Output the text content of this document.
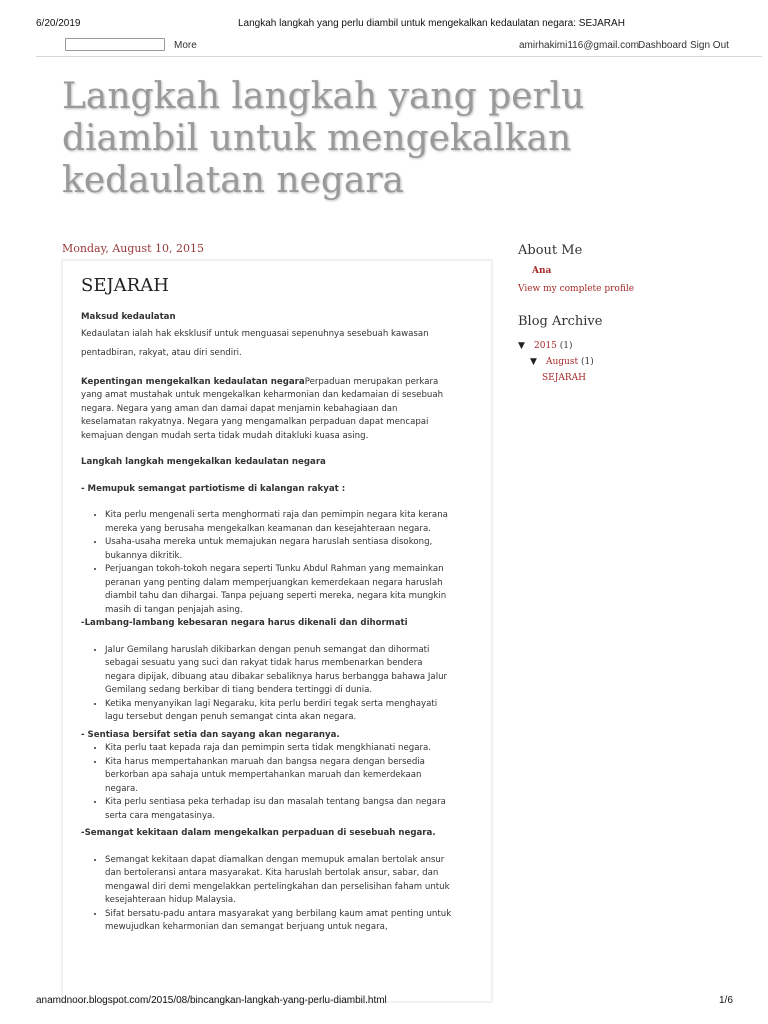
6/20/2019	Langkah langkah yang perlu diambil untuk mengekalkan kedaulatan negara: SEJARAH
More	amirhakimi116@gmail.com Dashboard Sign Out
Langkah langkah yang perlu diambil untuk mengekalkan kedaulatan negara
Monday, August 10, 2015
SEJARAH

Maksud kedaulatan

Kedaulatan ialah hak eksklusif untuk menguasai sepenuhnya sesebuah kawasan pentadbiran, rakyat, atau diri sendiri.

Kepentingan mengekalkan kedaulatan negaraPerpaduan merupakan perkara yang amat mustahak untuk mengekalkan keharmonian dan kedamaian di sesebuah negara. Negara yang aman dan damai dapat menjamin kebahagiaan dan keselamatan rakyatnya. Negara yang mengamalkan perpaduan dapat mencapai kemajuan dengan mudah serta tidak mudah ditakluki kuasa asing.

Langkah langkah mengekalkan kedaulatan negara

- Memupuk semangat partiotisme di kalangan rakyat :

• Kita perlu mengenali serta menghormati raja dan pemimpin negara kita kerana mereka yang berusaha mengekalkan keamanan dan kesejahteraan negara.
• Usaha-usaha mereka untuk memajukan negara haruslah sentiasa disokong, bukannya dikritik.
• Perjuangan tokoh-tokoh negara seperti Tunku Abdul Rahman yang memainkan peranan yang penting dalam memperjuangkan kemerdekaan negara haruslah diambil tahu dan dihargai. Tanpa pejuang seperti mereka, negara kita mungkin masih di tangan penjajah asing.

-Lambang-lambang kebesaran negara harus dikenali dan dihormati

• Jalur Gemilang haruslah dikibarkan dengan penuh semangat dan dihormati sebagai sesuatu yang suci dan rakyat tidak harus membenarkan bendera negara dipijak, dibuang atau dibakar sebaliknya harus berbangga bahawa Jalur Gemilang sedang berkibar di tiang bendera tertinggi di dunia.
• Ketika menyanyikan lagi Negaraku, kita perlu berdiri tegak serta menghayati lagu tersebut dengan penuh semangat cinta akan negara.

- Sentiasa bersifat setia dan sayang akan negaranya.

• Kita perlu taat kepada raja dan pemimpin serta tidak mengkhianati negara.
• Kita harus mempertahankan maruah dan bangsa negara dengan bersedia berkorban apa sahaja untuk mempertahankan maruah dan kemerdekaan negara.
• Kita perlu sentiasa peka terhadap isu dan masalah tentang bangsa dan negara serta cara mengatasinya.

-Semangat kekitaan dalam mengekalkan perpaduan di sesebuah negara.

• Semangat kekitaan dapat diamalkan dengan memupuk amalan bertolak ansur dan bertoleransi antara masyarakat. Kita haruslah bertolak ansur, sabar, dan mengawal diri demi mengelakkan pertelingkahan dan perselisihan faham untuk kesejahteraan hidup Malaysia.
• Sifat bersatu-padu antara masyarakat yang berbilang kaum amat penting untuk mewujudkan keharmonian dan semangat berjuang untuk negara,
About Me
Ana
View my complete profile
Blog Archive
▼ 2015 (1)
▼ August (1)
SEJARAH
anamdnoor.blogspot.com/2015/08/bincangkan-langkah-yang-perlu-diambil.html	1/6
